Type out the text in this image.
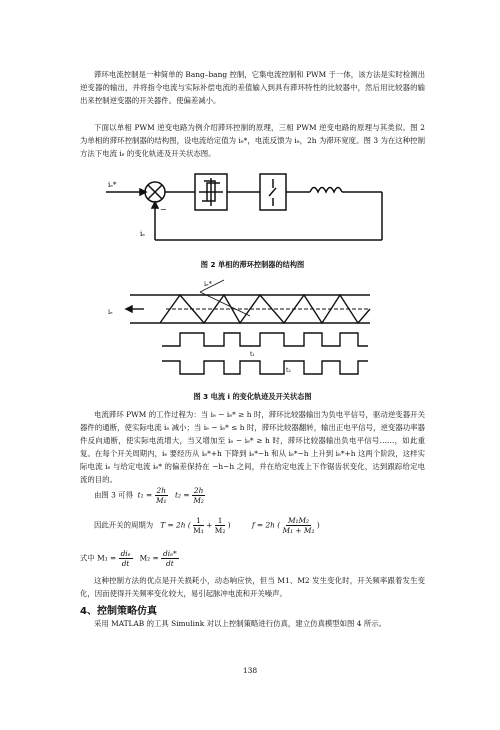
滞环电流控制是一种简单的 Bang–bang 控制，它集电流控制和 PWM 于一体，该方法是实时检测出逆变器的输出，并将指令电流与实际补偿电流的差值输入到具有滞环特性的比较器中，然后用比较器的输出来控制逆变器的开关器件。使偏差减小。

下面以单相 PWM 逆变电路为例介绍滞环控制的原理，三相 PWM 逆变电路的原理与其类似。图 2 为单相的滞环控制器的结构图，设电流给定值为 iₑ*，电流反馈为 iₑ，2h 为滞环宽度。图 3 为在这种控制方法下电流 iₑ 的变化轨迹及开关状态图。

iₑ*
iₑ
−
图 2 单相的滞环控制器的结构图
iₑ*
iₑ
t₁
t₂
图 3 电流 i 的变化轨迹及开关状态图

电流滞环 PWM 的工作过程为：当 iₑ − iₑ* ≥ h 时，滞环比较器输出为负电平信号，驱动逆变器开关器件的通断，使实际电流 iₑ 减小；当 iₑ − iₑ* ≤ h 时，滞环比较器翻转，输出正电平信号，逆变器功率器件反向通断，使实际电流增大，当又增加至 iₑ − iₑ* ≥ h 时，滞环比较器输出负电平信号……，如此重复。在每个开关周期内，iₑ 要经历从 iₑ*+h 下降到 iₑ*−h 和从 iₑ*−h 上升到 iₑ*+h 这两个阶段，这样实际电流 iₑ 与给定电流 iₑ* 的偏差保持在 −h~h 之间，并在给定电流上下作锯齿状变化，达到跟踪给定电流的目的。

由图 3 可得 $t_1 = \frac{2h}{\text{M₁}} t_2 = \frac{2h}{\text{M₂}}$
因此开关的周期为 T = 2h ( $\frac{1}{\text{M₁}} + \frac{1}{\text{M₂}}$ )	f = 2h ( $\frac{\text{M₁M₂}}{\text{M₁ + M₂}}$ )
式中 M₁ = diₑ
dt
M₂ = diₑ*
dt

这种控制方法的优点是开关损耗小，动态响应快，但当 M1、M2 发生变化时，开关频率跟着发生变化，因而使得开关频率变化较大，易引起脉冲电流和开关噪声。

4、控制策略仿真

采用 MATLAB 的工具 Simulink 对以上控制策略进行仿真，建立仿真模型如图 4 所示。

138
